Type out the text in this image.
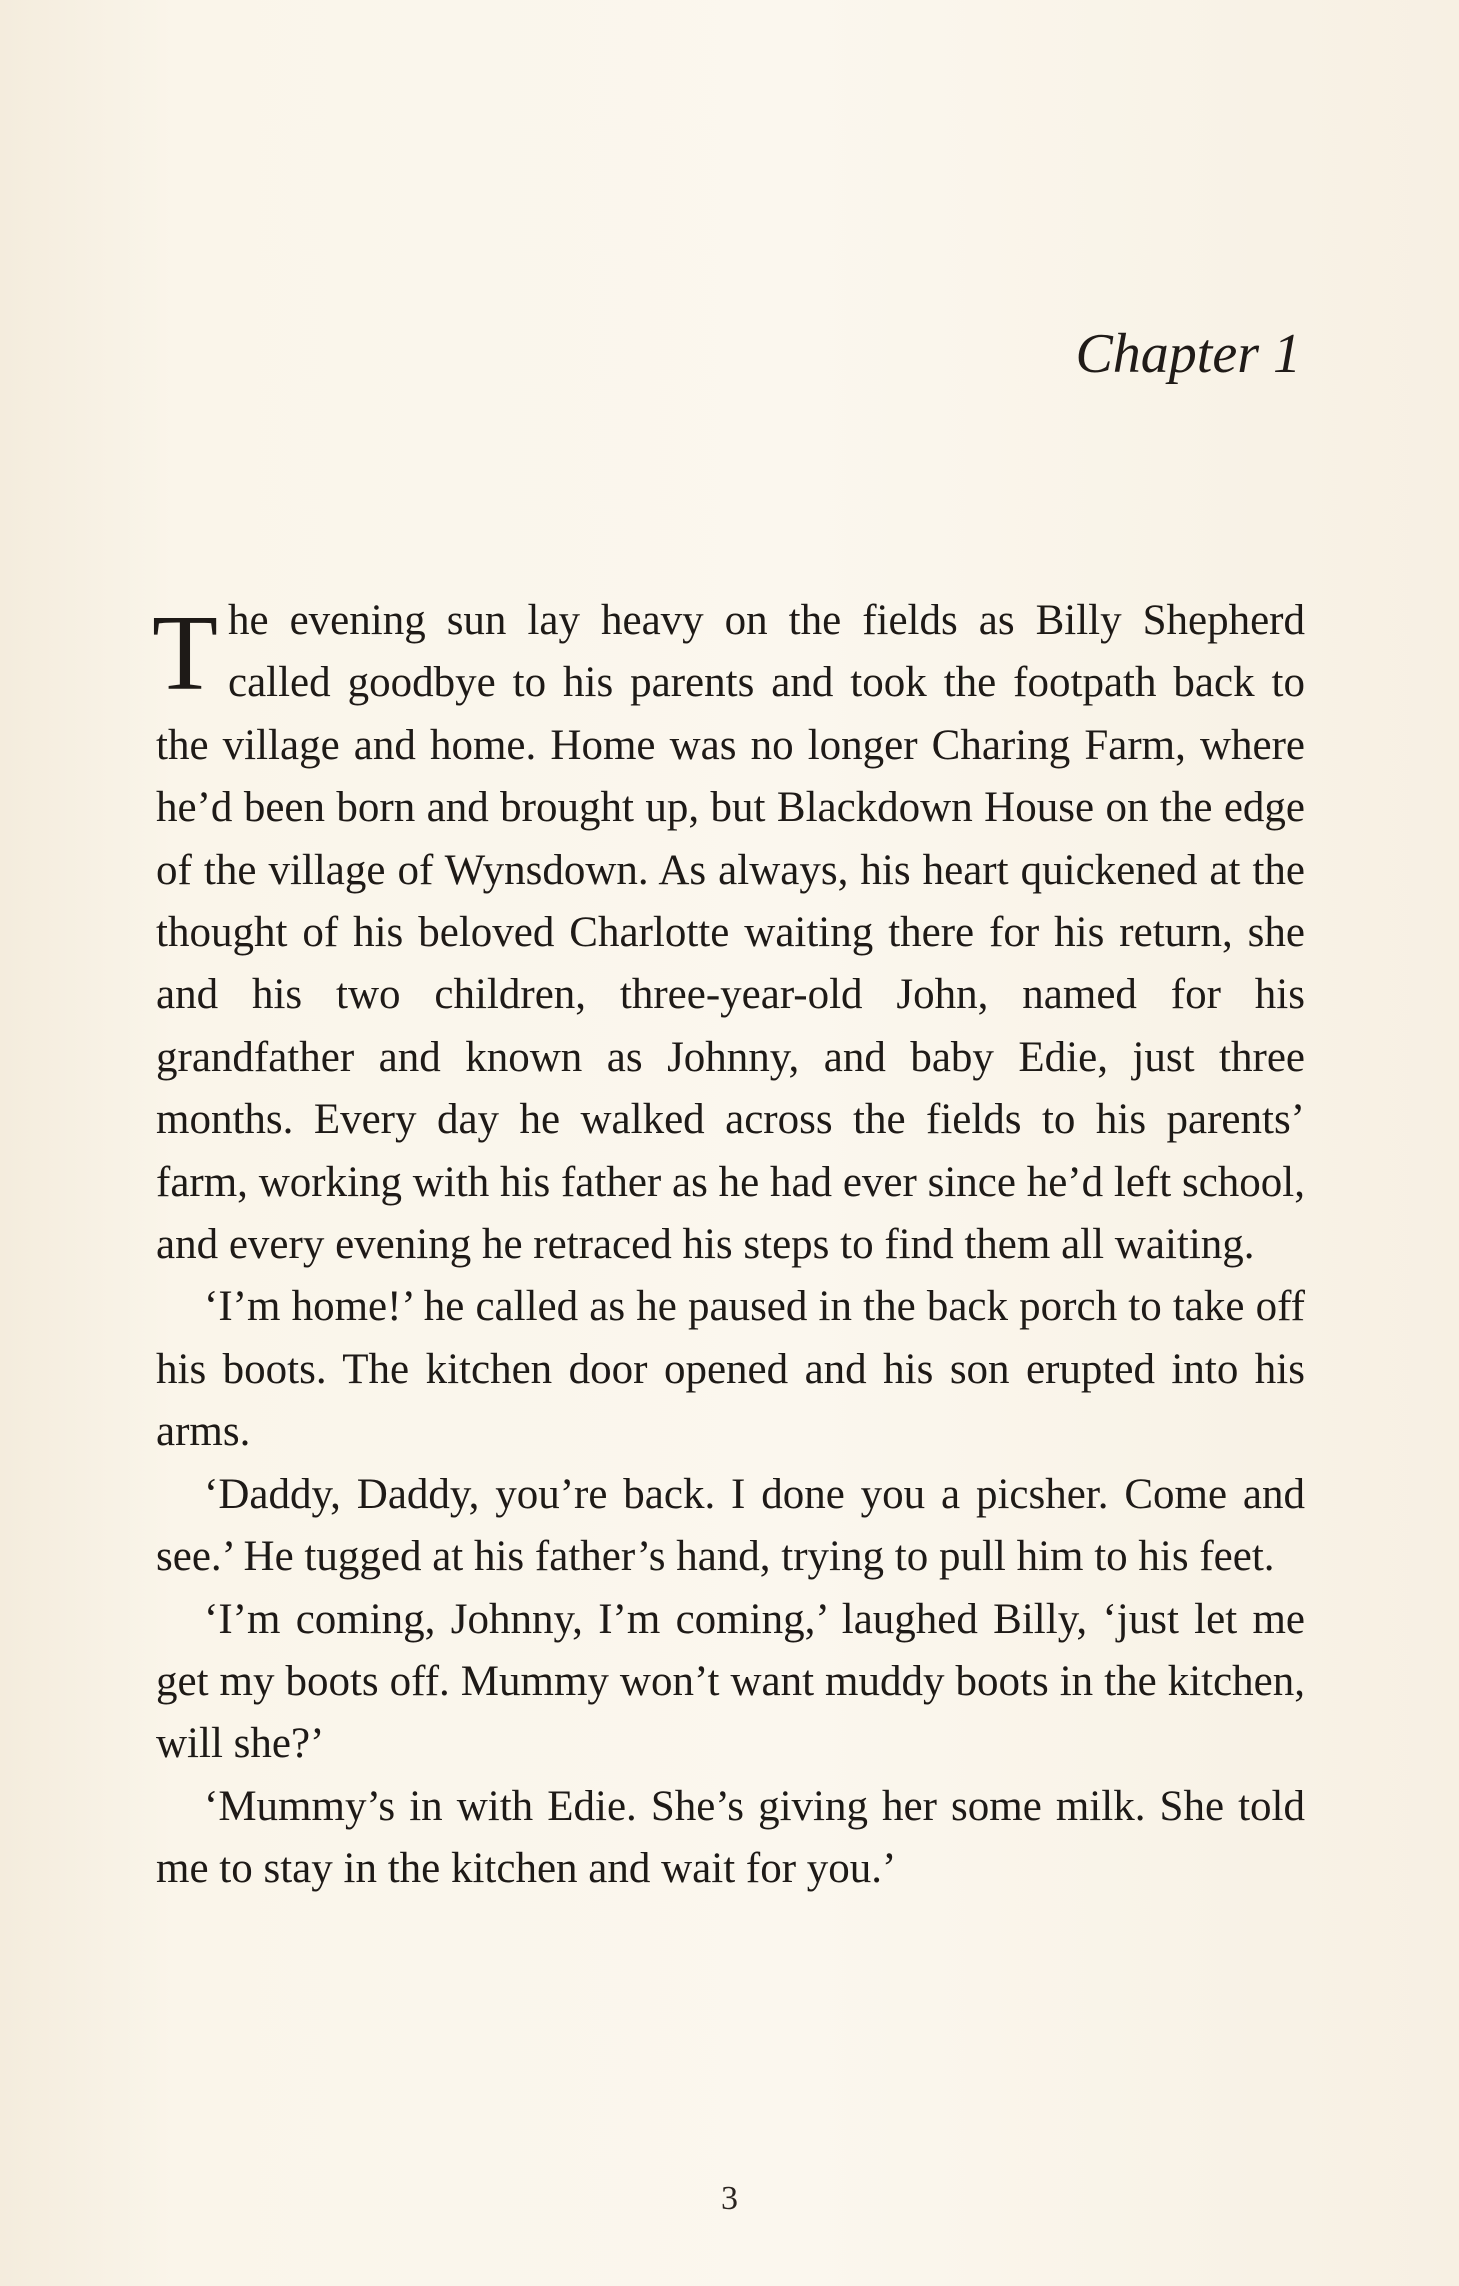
Chapter 1

The evening sun lay heavy on the fields as Billy Shepherd called goodbye to his parents and took the footpath back to the village and home. Home was no longer Charing Farm, where he’d been born and brought up, but Blackdown House on the edge of the village of Wynsdown. As always, his heart quickened at the thought of his beloved Charlotte waiting there for his return, she and his two children, three-year-old John, named for his grandfather and known as Johnny, and baby Edie, just three months. Every day he walked across the fields to his parents’ farm, working with his father as he had ever since he’d left school, and every evening he retraced his steps to find them all waiting.

‘I’m home!’ he called as he paused in the back porch to take off his boots. The kitchen door opened and his son erupted into his arms.

‘Daddy, Daddy, you’re back. I done you a picsher. Come and see.’ He tugged at his father’s hand, trying to pull him to his feet.

‘I’m coming, Johnny, I’m coming,’ laughed Billy, ‘just let me get my boots off. Mummy won’t want muddy boots in the kitchen, will she?’

‘Mummy’s in with Edie. She’s giving her some milk. She told me to stay in the kitchen and wait for you.’

3
